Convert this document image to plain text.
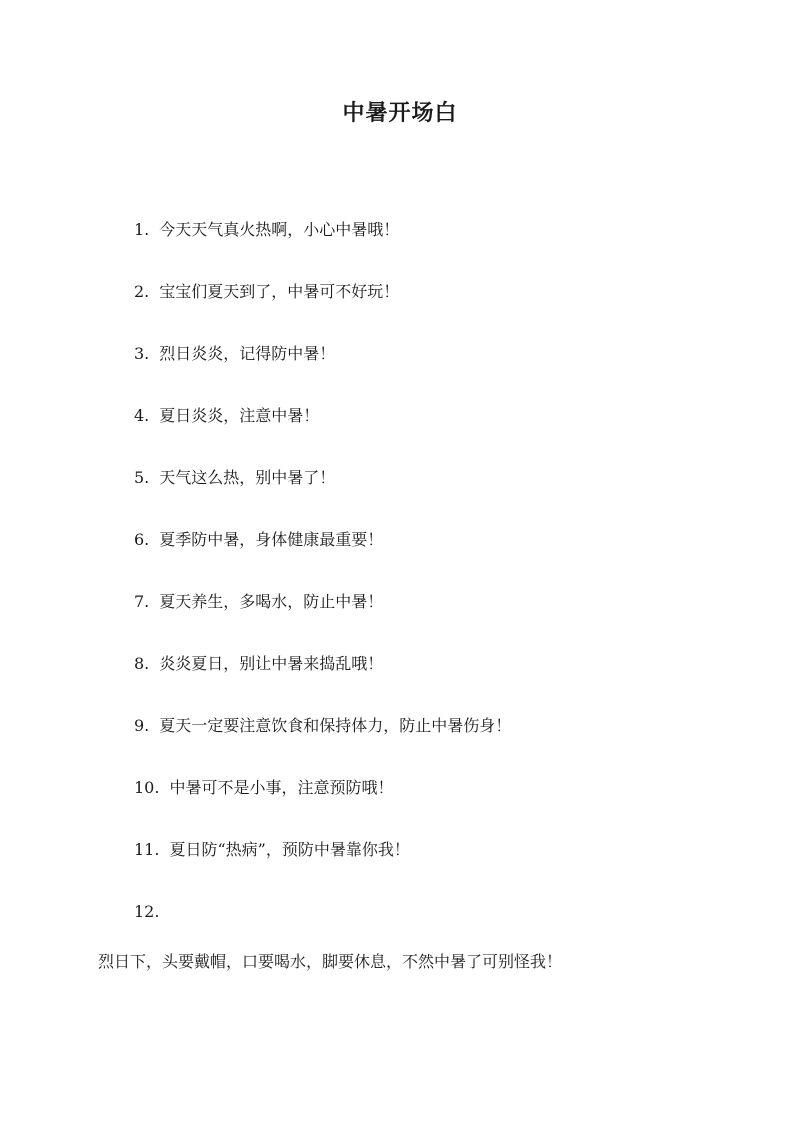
中暑开场白
1. 今天天气真火热啊，小心中暑哦！
2. 宝宝们夏天到了，中暑可不好玩！
3. 烈日炎炎，记得防中暑！
4. 夏日炎炎，注意中暑！
5. 天气这么热，别中暑了！
6. 夏季防中暑，身体健康最重要！
7. 夏天养生，多喝水，防止中暑！
8. 炎炎夏日，别让中暑来捣乱哦！
9. 夏天一定要注意饮食和保持体力，防止中暑伤身！
10. 中暑可不是小事，注意预防哦！
11. 夏日防“热病”，预防中暑靠你我！
12.
烈日下，头要戴帽，口要喝水，脚要休息，不然中暑了可别怪我！
